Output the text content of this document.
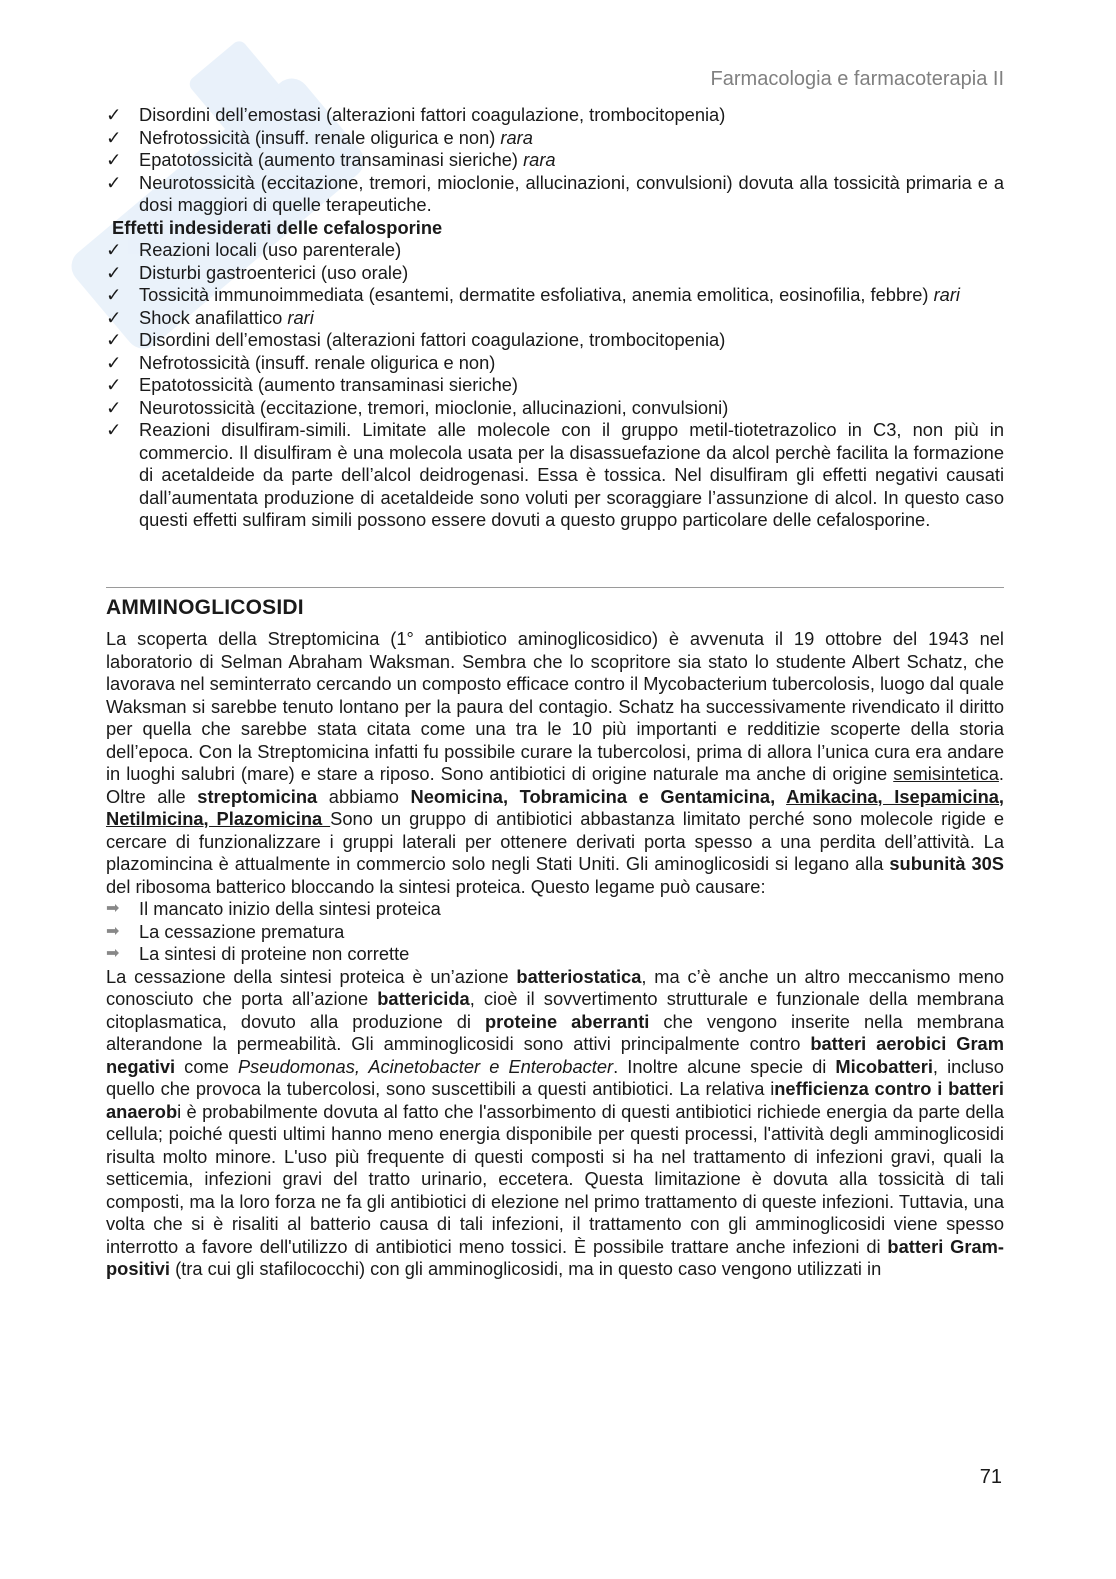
Farmacologia e farmacoterapia II
✓ Disordini dell’emostasi (alterazioni fattori coagulazione, trombocitopenia)
✓ Nefrotossicità (insuff. renale oligurica e non) rara
✓ Epatotossicità (aumento transaminasi sieriche) rara
✓ Neurotossicità (eccitazione, tremori, mioclonie, allucinazioni, convulsioni) dovuta alla tossicità primaria e a dosi maggiori di quelle terapeutiche.
Effetti indesiderati delle cefalosporine
✓ Reazioni locali (uso parenterale)
✓ Disturbi gastroenterici (uso orale)
✓ Tossicità immunoimmediata (esantemi, dermatite esfoliativa, anemia emolitica, eosinofilia, febbre) rari
✓ Shock anafilattico rari
✓ Disordini dell’emostasi (alterazioni fattori coagulazione, trombocitopenia)
✓ Nefrotossicità (insuff. renale oligurica e non)
✓ Epatotossicità (aumento transaminasi sieriche)
✓ Neurotossicità (eccitazione, tremori, mioclonie, allucinazioni, convulsioni)
✓ Reazioni disulfiram-simili. Limitate alle molecole con il gruppo metil-tiotetrazolico in C3, non più in commercio. Il disulfiram è una molecola usata per la disassuefazione da alcol perchè facilita la formazione di acetaldeide da parte dell’alcol deidrogenasi. Essa è tossica. Nel disulfiram gli effetti negativi causati dall’aumentata produzione di acetaldeide sono voluti per scoraggiare l’assunzione di alcol. In questo caso questi effetti sulfiram simili possono essere dovuti a questo gruppo particolare delle cefalosporine.
AMMINOGLICOSIDI

La scoperta della Streptomicina (1° antibiotico aminoglicosidico) è avvenuta il 19 ottobre del 1943 nel laboratorio di Selman Abraham Waksman. Sembra che lo scopritore sia stato lo studente Albert Schatz, che lavorava nel seminterrato cercando un composto efficace contro il Mycobacterium tubercolosis, luogo dal quale Waksman si sarebbe tenuto lontano per la paura del contagio. Schatz ha successivamente rivendicato il diritto per quella che sarebbe stata citata come una tra le 10 più importanti e redditizie scoperte della storia dell’epoca. Con la Streptomicina infatti fu possibile curare la tubercolosi, prima di allora l’unica cura era andare in luoghi salubri (mare) e stare a riposo. Sono antibiotici di origine naturale ma anche di origine semisintetica. Oltre alle streptomicina abbiamo Neomicina, Tobramicina e Gentamicina, Amikacina, Isepamicina, Netilmicina, Plazomicina Sono un gruppo di antibiotici abbastanza limitato perché sono molecole rigide e cercare di funzionalizzare i gruppi laterali per ottenere derivati porta spesso a una perdita dell’attività. La plazomincina è attualmente in commercio solo negli Stati Uniti. Gli aminoglicosidi si legano alla subunità 30S del ribosoma batterico bloccando la sintesi proteica. Questo legame può causare:

➡	Il mancato inizio della sintesi proteica
➡	La cessazione prematura
➡	La sintesi di proteine non corrette

La cessazione della sintesi proteica è un’azione batteriostatica, ma c’è anche un altro meccanismo meno conosciuto che porta all’azione battericida, cioè il sovvertimento strutturale e funzionale della membrana citoplasmatica, dovuto alla produzione di proteine aberranti che vengono inserite nella membrana alterandone la permeabilità. Gli amminoglicosidi sono attivi principalmente contro batteri aerobici Gram negativi come Pseudomonas, Acinetobacter e Enterobacter. Inoltre alcune specie di Micobatteri, incluso quello che provoca la tubercolosi, sono suscettibili a questi antibiotici. La relativa inefficienza contro i batteri anaerobi è probabilmente dovuta al fatto che l'assorbimento di questi antibiotici richiede energia da parte della cellula; poiché questi ultimi hanno meno energia disponibile per questi processi, l'attività degli amminoglicosidi risulta molto minore. L'uso più frequente di questi composti si ha nel trattamento di infezioni gravi, quali la setticemia, infezioni gravi del tratto urinario, eccetera. Questa limitazione è dovuta alla tossicità di tali composti, ma la loro forza ne fa gli antibiotici di elezione nel primo trattamento di queste infezioni. Tuttavia, una volta che si è risaliti al batterio causa di tali infezioni, il trattamento con gli amminoglicosidi viene spesso interrotto a favore dell'utilizzo di antibiotici meno tossici. È possibile trattare anche infezioni di batteri Gram-positivi (tra cui gli stafilococchi) con gli amminoglicosidi, ma in questo caso vengono utilizzati in

71
